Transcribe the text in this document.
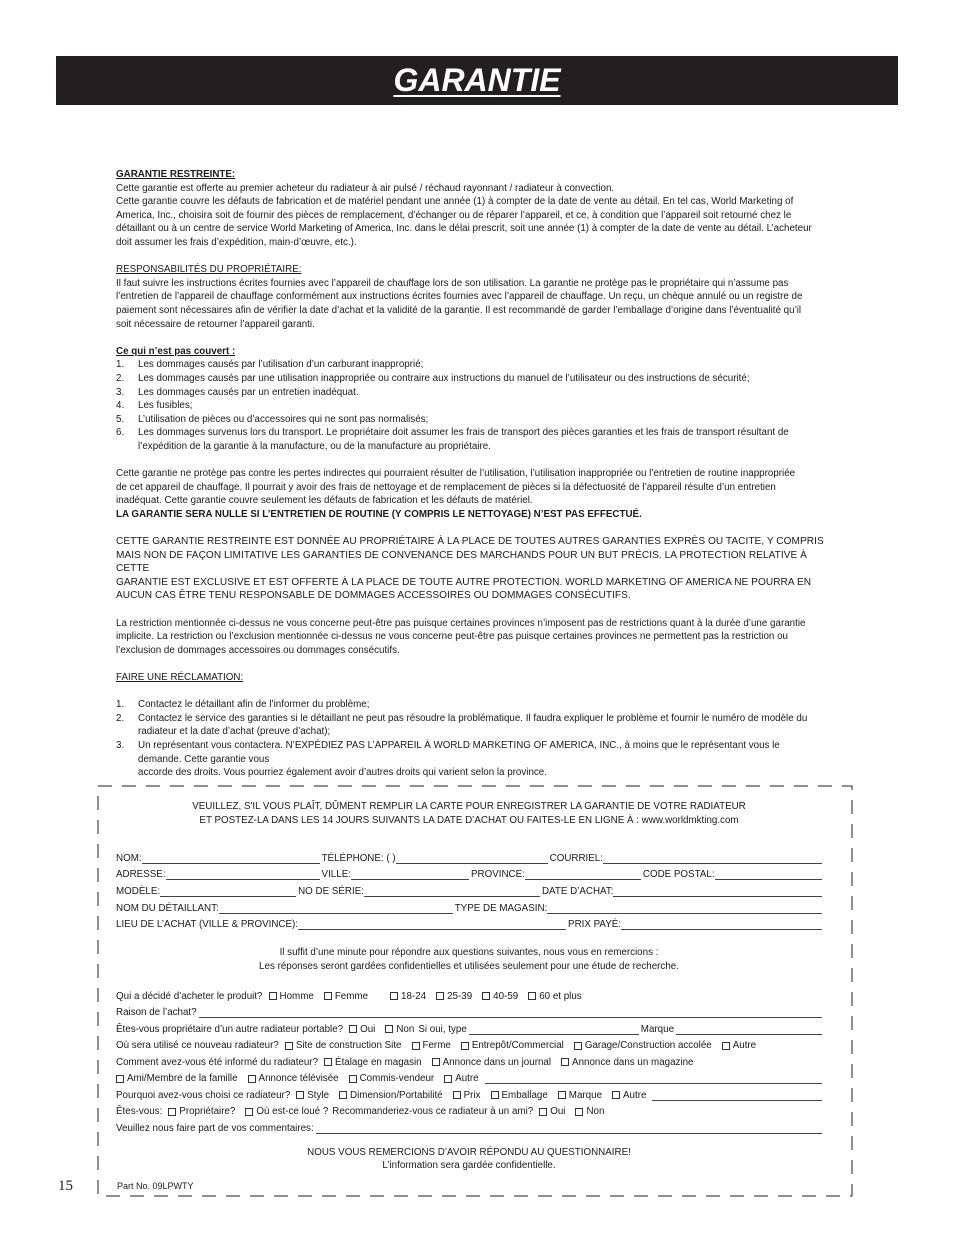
GARANTIE

GARANTIE RESTREINTE:

Cette garantie est offerte au premier acheteur du radiateur à air pulsé / réchaud rayonnant / radiateur à convection.

Cette garantie couvre les défauts de fabrication et de matériel pendant une année (1) à compter de la date de vente au détail. En tel cas, World Marketing of

America, Inc., choisira soit de fournir des pièces de remplacement, d’échanger ou de réparer l’appareil, et ce, à condition que l’appareil soit retourné chez le

détaillant ou à un centre de service World Marketing of America, Inc. dans le délai prescrit, soit une année (1) à compter de la date de vente au détail. L’acheteur

doit assumer les frais d’expédition, main-d’œuvre, etc.).

RESPONSABILITÉS DU PROPRIÉTAIRE:

Il faut suivre les instructions écrites fournies avec l’appareil de chauffage lors de son utilisation. La garantie ne protège pas le propriétaire qui n’assume pas

l’entretien de l’appareil de chauffage conformément aux instructions écrites fournies avec l’appareil de chauffage. Un reçu, un chèque annulé ou un registre de

paiement sont nécessaires afin de vérifier la date d’achat et la validité de la garantie. Il est recommandé de garder l’emballage d’origine dans l’éventualité qu’il

soit nécessaire de retourner l’appareil garanti.

Ce qui n’est pas couvert :

1.	Les dommages causés par l’utilisation d’un carburant inapproprié;
2.	Les dommages causés par une utilisation inappropriée ou contraire aux instructions du manuel de l’utilisateur ou des instructions de sécurité;
3.	Les dommages causés par un entretien inadéquat.
4.	Les fusibles;
5.	L’utilisation de pièces ou d’accessoires qui ne sont pas normalisés;
6.	Les dommages survenus lors du transport. Le propriétaire doit assumer les frais de transport des pièces garanties et les frais de transport résultant de l’expédition de la garantie à la manufacture, ou de la manufacture au propriétaire.

Cette garantie ne protège pas contre les pertes indirectes qui pourraient résulter de l’utilisation, l’utilisation inappropriée ou l’entretien de routine inappropriée

de cet appareil de chauffage. Il pourrait y avoir des frais de nettoyage et de remplacement de pièces si la défectuosité de l’appareil résulte d’un entretien

inadéquat. Cette garantie couvre seulement les défauts de fabrication et les défauts de matériel.

LA GARANTIE SERA NULLE SI L’ENTRETIEN DE ROUTINE (Y COMPRIS LE NETTOYAGE) N’EST PAS EFFECTUÉ.

CETTE GARANTIE RESTREINTE EST DONNÉE AU PROPRIÉTAIRE À LA PLACE DE TOUTES AUTRES GARANTIES EXPRÈS OU TACITE, Y COMPRIS

MAIS NON DE FAÇON LIMITATIVE LES GARANTIES DE CONVENANCE DES MARCHANDS POUR UN BUT PRÉCIS. LA PROTECTION RELATIVE À CETTE

GARANTIE EST EXCLUSIVE ET EST OFFERTE À LA PLACE DE TOUTE AUTRE PROTECTION. WORLD MARKETING OF AMERICA NE POURRA EN

AUCUN CAS ÊTRE TENU RESPONSABLE DE DOMMAGES ACCESSOIRES OU DOMMAGES CONSÉCUTIFS.

La restriction mentionnée ci-dessus ne vous concerne peut-être pas puisque certaines provinces n’imposent pas de restrictions quant à la durée d’une garantie

implicite. La restriction ou l’exclusion mentionnée ci-dessus ne vous concerne peut-être pas puisque certaines provinces ne permettent pas la restriction ou

l’exclusion de dommages accessoires ou dommages consécutifs.

FAIRE UNE RÉCLAMATION:

1.	Contactez le détaillant afin de l’informer du problème;
2.	Contactez le service des garanties si le détaillant ne peut pas résoudre la problématique. Il faudra expliquer le problème et fournir le numéro de modèle du radiateur et la date d’achat (preuve d’achat);
3.	Un représentant vous contactera. N’EXPÉDIEZ PAS L’APPAREIL À WORLD MARKETING OF AMERICA, INC., à moins que le représentant vous le demande. Cette garantie vous
accorde des droits. Vous pourriez également avoir d’autres droits qui varient selon la province.
VEUILLEZ, S'IL VOUS PLAÎT, DÛMENT REMPLIR LA CARTE POUR ENREGISTRER LA GARANTIE DE VOTRE RADIATEUR
ET POSTEZ-LA DANS LES 14 JOURS SUIVANTS LA DATE D’ACHAT OU FAITES-LE EN LIGNE À : www.worldmkting.com
NOM:	TÉLÉPHONE: ( )	COURRIEL:
ADRESSE:	VILLE:	PROVINCE:	CODE POSTAL:
MODÈLE:	NO DE SÉRIE:	DATE D’ACHAT:
NOM DU DÉTAILLANT:	TYPE DE MAGASIN:
LIEU DE L’ACHAT (VILLE & PROVINCE):	PRIX PAYÉ:
Il suffit d’une minute pour répondre aux questions suivantes, nous vous en remercions :
Les réponses seront gardées confidentielles et utilisées seulement pour une étude de recherche.
Qui a décidé d’acheter le produit? Homme Femme	18-24 25-39 40-59 60 et plus
Raison de l’achat?
Êtes-vous propriétaire d’un autre radiateur portable? Oui Non Si oui, type	Marque
Où sera utilisé ce nouveau radiateur? Site de construction Site Ferme Entrepôt/Commercial Garage/Construction accolée Autre
Comment avez-vous été informé du radiateur? Étalage en magasin Annonce dans un journal Annonce dans un magazine
Ami/Membre de la famille Annonce télévisée Commis-vendeur Autre
Pourquoi avez-vous choisi ce radiateur? Style Dimension/Portabilité Prix Emballage Marque Autre
Êtes-vous: Propriétaire? Où est-ce loué ? Recommanderiez-vous ce radiateur à un ami? Oui Non
Veuillez nous faire part de vos commentaires:
NOUS VOUS REMERCIONS D’AVOIR RÉPONDU AU QUESTIONNAIRE!
L’information sera gardée confidentielle.
15	Part No. 09LPWTY
